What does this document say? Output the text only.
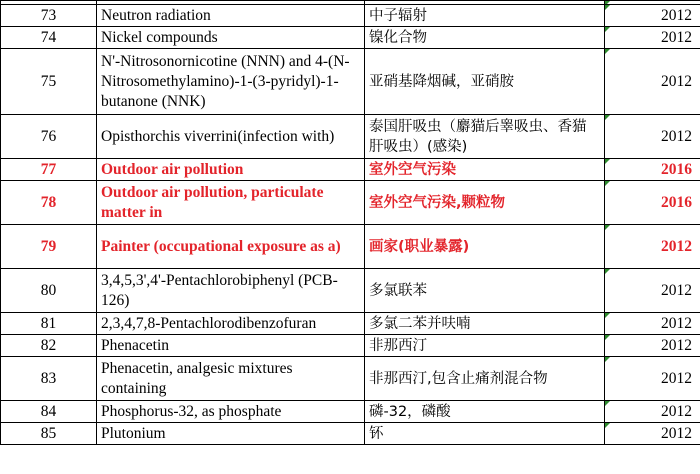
73	Neutron radiation	中子辐射	2012
74	Nickel compounds	镍化合物	2012
75	N'-Nitrosonornicotine (NNN) and 4-(N-Nitrosomethylamino)-1-(3-pyridyl)-1-butanone (NNK)	亚硝基降烟碱，亚硝胺	2012
76	Opisthorchis viverrini(infection with)	泰国肝吸虫（麝猫后睾吸虫、香猫肝吸虫）(感染)	2012
77	Outdoor air pollution	室外空气污染	2016
78	Outdoor air pollution, particulate matter in	室外空气污染,颗粒物	2016
79	Painter (occupational exposure as a)	画家(职业暴露)	2012
80	3,4,5,3',4'-Pentachlorobiphenyl (PCB-126)	多氯联苯	2012
81	2,3,4,7,8-Pentachlorodibenzofuran	多氯二苯并呋喃	2012
82	Phenacetin	非那西汀	2012
83	Phenacetin, analgesic mixtures containing	非那西汀,包含止痛剂混合物	2012
84	Phosphorus-32, as phosphate	磷-32，磷酸	2012
85	Plutonium	钚	2012
